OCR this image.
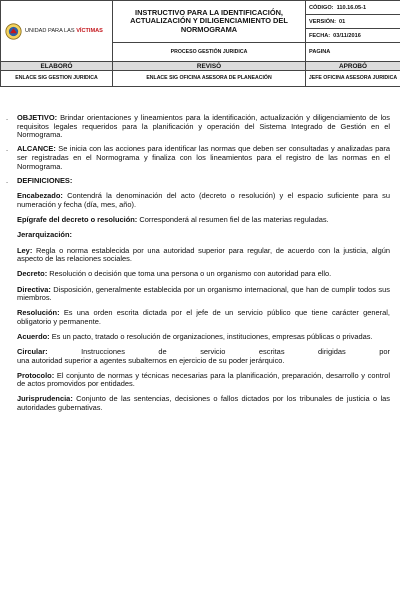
UNIDAD PARA LAS VÍCTIMAS	INSTRUCTIVO PARA LA IDENTIFICACIÓN, ACTUALIZACIÓN Y DILIGENCIAMIENTO DEL NORMOGRAMA	CÓDIGO: 110.16.05-1
		VERSIÓN: 01
		FECHA: 03/11/2016
	PROCESO GESTIÓN JURIDICA	PAGINA
ELABORÓ	REVISÓ	APROBÓ
ENLACE SIG GESTION JURIDICA	ENLACE SIG OFICINA ASESORA DE PLANEACIÓN	JEFE OFICINA ASESORA JURIDICA
.	OBJETIVO: Brindar orientaciones y lineamientos para la identificación, actualización y diligenciamiento de los requisitos legales requeridos para la planificación y operación del Sistema Integrado de Gestión en el Normograma.
.	ALCANCE: Se inicia con las acciones para identificar las normas que deben ser consultadas y analizadas para ser registradas en el Normograma y finaliza con los lineamientos para el registro de las normas en el Normograma.
.	DEFINICIONES:

Encabezado: Contendrá la denominación del acto (decreto o resolución) y el espacio suficiente para su numeración y fecha (día, mes, año).

Epígrafe del decreto o resolución: Corresponderá al resumen fiel de las materias reguladas.

Jerarquización:

Ley: Regla o norma establecida por una autoridad superior para regular, de acuerdo con la justicia, algún aspecto de las relaciones sociales.

Decreto: Resolución o decisión que toma una persona o un organismo con autoridad para ello.

Directiva: Disposición, generalmente establecida por un organismo internacional, que han de cumplir todos sus miembros.

Resolución: Es una orden escrita dictada por el jefe de un servicio público que tiene carácter general, obligatorio y permanente.

Acuerdo: Es un pacto, tratado o resolución de organizaciones, instituciones, empresas públicas o privadas.

Circular: Instrucciones de servicio escritas dirigidas por
una autoridad superior a agentes subalternos en ejercicio de su poder jerárquico.

Protocolo: El conjunto de normas y técnicas necesarias para la planificación, preparación, desarrollo y control de actos promovidos por entidades.

Jurisprudencia: Conjunto de las sentencias, decisiones o fallos dictados por los tribunales de justicia o las autoridades gubernativas.
